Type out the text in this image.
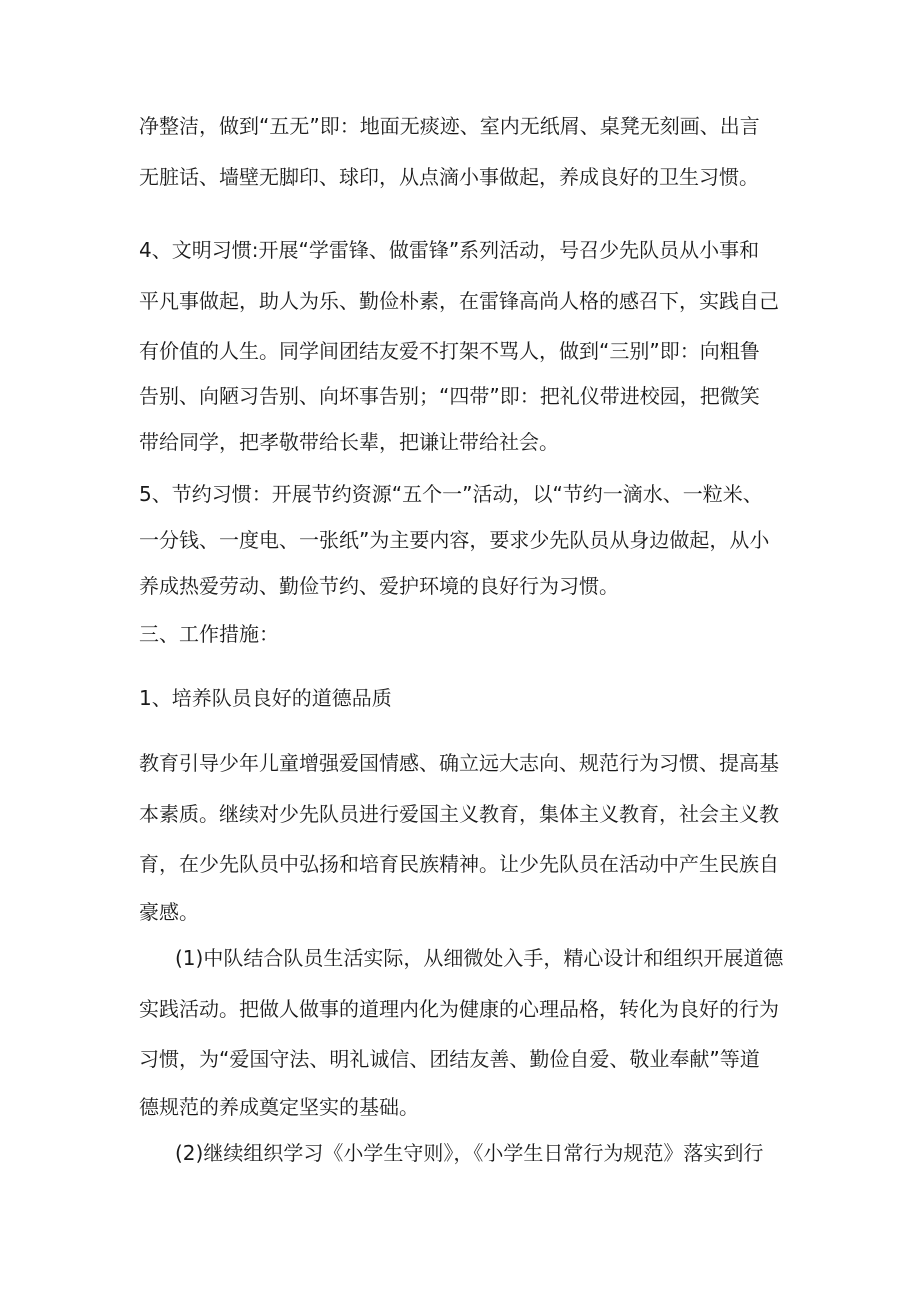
净整洁，做到“五无”即：地面无痰迹、室内无纸屑、桌凳无刻画、出言
无脏话、墙壁无脚印、球印，从点滴小事做起，养成良好的卫生习惯。
4、文明习惯:开展“学雷锋、做雷锋”系列活动，号召少先队员从小事和
平凡事做起，助人为乐、勤俭朴素，在雷锋高尚人格的感召下，实践自己
有价值的人生。同学间团结友爱不打架不骂人，做到“三别”即：向粗鲁
告别、向陋习告别、向坏事告别；“四带”即：把礼仪带进校园，把微笑
带给同学，把孝敬带给长辈，把谦让带给社会。
5、节约习惯：开展节约资源“五个一”活动，以“节约一滴水、一粒米、
一分钱、一度电、一张纸”为主要内容，要求少先队员从身边做起，从小
养成热爱劳动、勤俭节约、爱护环境的良好行为习惯。
三、工作措施：
1、培养队员良好的道德品质
教育引导少年儿童增强爱国情感、确立远大志向、规范行为习惯、提高基
本素质。继续对少先队员进行爱国主义教育，集体主义教育，社会主义教
育，在少先队员中弘扬和培育民族精神。让少先队员在活动中产生民族自
豪感。
(1)中队结合队员生活实际，从细微处入手，精心设计和组织开展道德
实践活动。把做人做事的道理内化为健康的心理品格，转化为良好的行为
习惯，为“爱国守法、明礼诚信、团结友善、勤俭自爱、敬业奉献”等道
德规范的养成奠定坚实的基础。
(2)继续组织学习《小学生守则》，《小学生日常行为规范》落实到行
